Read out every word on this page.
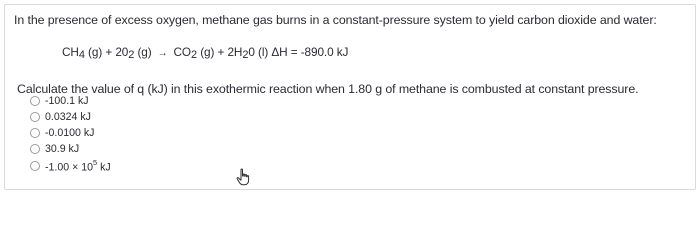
In the presence of excess oxygen, methane gas burns in a constant-pressure system to yield carbon dioxide and water:
$CH_4$ $(g) + 20_2$ $(g) \to CO_2$ $(g) + 2H_20$ (l) ΔH = -890.0 kJ
Calculate the value of q (kJ) in this exothermic reaction when 1.80 g of methane is combusted at constant pressure.
-100.1 kJ
0.0324 kJ
-0.0100 kJ
30.9 kJ
$-1.00 \times 10^5$ kJ
